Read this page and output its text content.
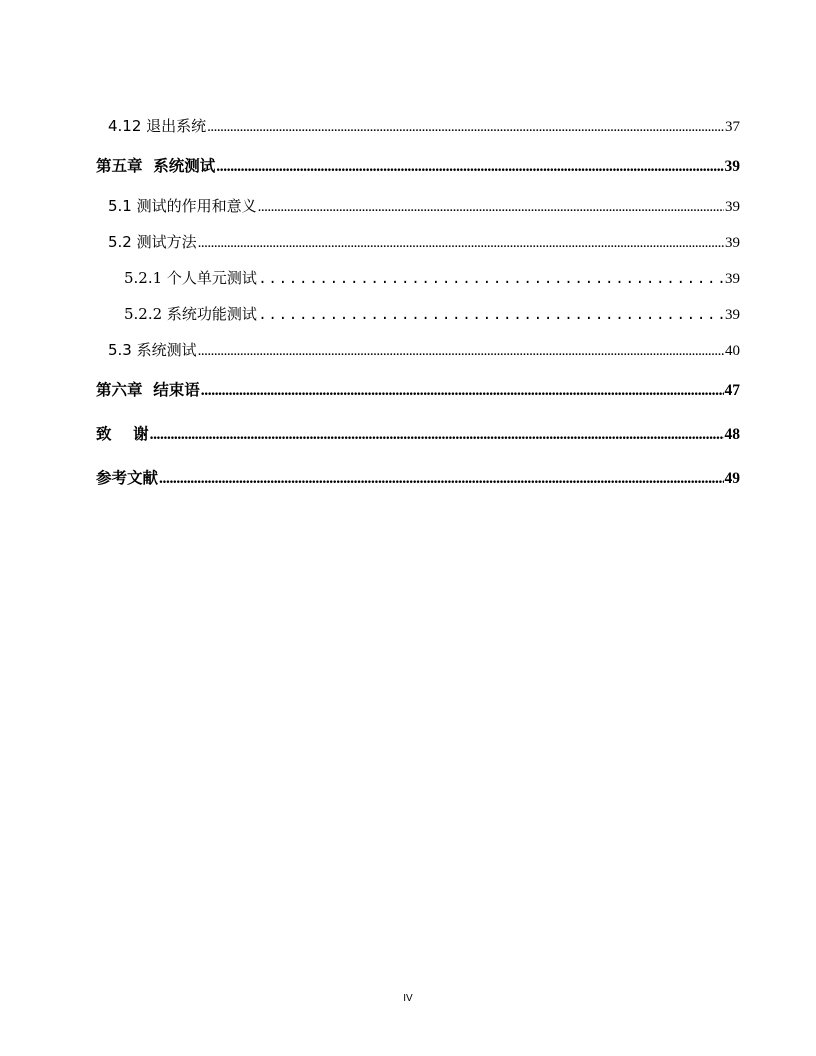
4.12 退出系统 .....	37
第五章  系统测试 .....	39
5.1 测试的作用和意义 .....	39
5.2 测试方法 .....	39
5.2.1 个人单元测试 .....	39
5.2.2 系统功能测试 .....	39
5.3 系统测试 .....	40
第六章  结束语 .....	47
致    谢 .....	48
参考文献 .....	49
IV
